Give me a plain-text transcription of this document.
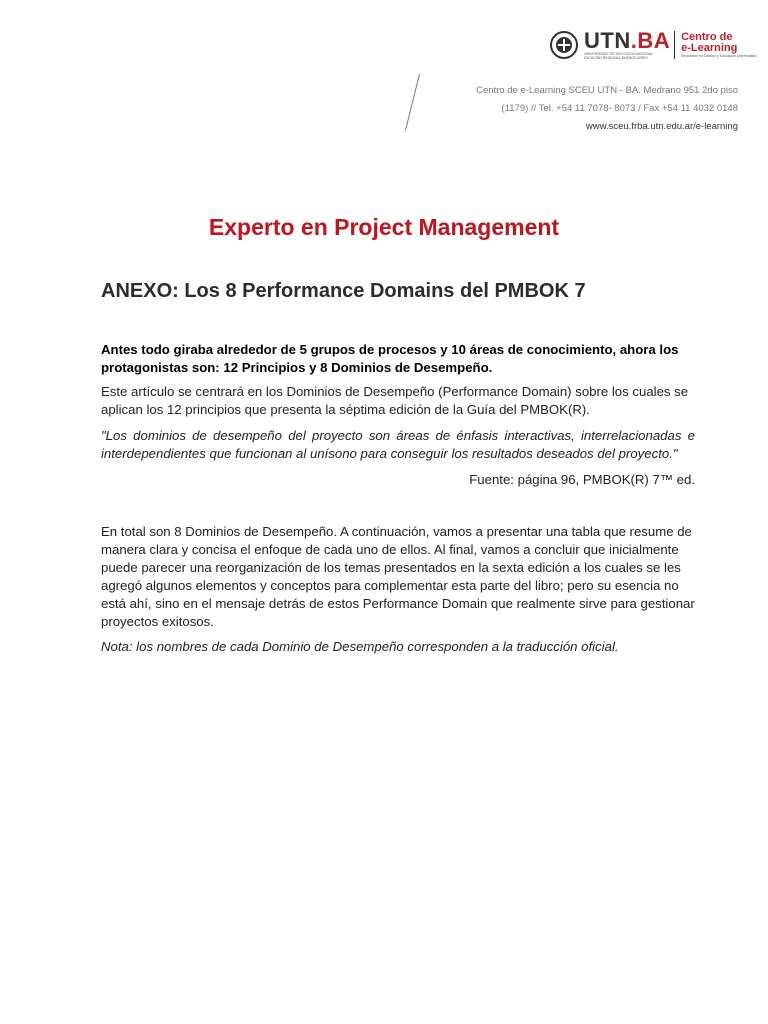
UTN.BA
UNIVERSIDAD TECNOLÓGICA NACIONAL FACULTAD REGIONAL BUENOS AIRES
Centro de
e-Learning
Innovación en Gestión y Educación Universitaria
Centro de e-Learning SCEU UTN - BA. Medrano 951 2do piso
(1179) // Tel. +54 11 7078- 8073 / Fax +54 11 4032 0148
www.sceu.frba.utn.edu.ar/e-learning
Experto en Project Management
ANEXO: Los 8 Performance Domains del PMBOK 7

Antes todo giraba alrededor de 5 grupos de procesos y 10 áreas de conocimiento, ahora los protagonistas son: 12 Principios y 8 Dominios de Desempeño.

Este artículo se centrará en los Dominios de Desempeño (Performance Domain) sobre los cuales se aplican los 12 principios que presenta la séptima edición de la Guía del PMBOK(R).

"Los dominios de desempeño del proyecto son áreas de énfasis interactivas, interrelacionadas e interdependientes que funcionan al unísono para conseguir los resultados deseados del proyecto."

Fuente: página 96, PMBOK(R) 7™ ed.

En total son 8 Dominios de Desempeño. A continuación, vamos a presentar una tabla que resume de manera clara y concisa el enfoque de cada uno de ellos. Al final, vamos a concluir que inicialmente puede parecer una reorganización de los temas presentados en la sexta edición a los cuales se les agregó algunos elementos y conceptos para complementar esta parte del libro; pero su esencia no está ahí, sino en el mensaje detrás de estos Performance Domain que realmente sirve para gestionar proyectos exitosos.

Nota: los nombres de cada Dominio de Desempeño corresponden a la traducción oficial.
